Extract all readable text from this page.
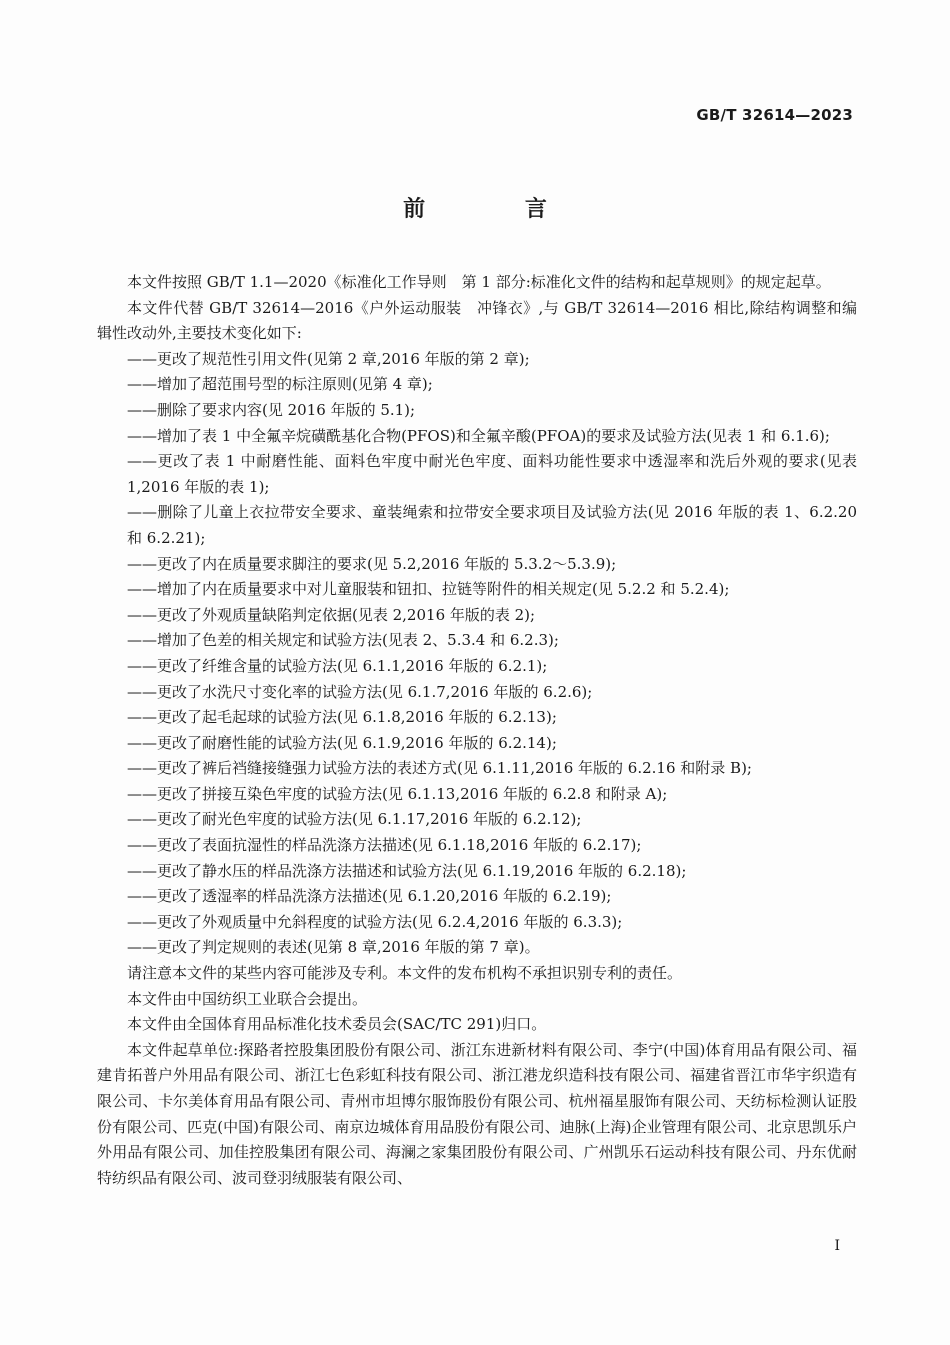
GB/T 32614—2023
前 言

本文件按照 GB/T 1.1—2020《标准化工作导则　第 1 部分:标准化文件的结构和起草规则》的规定起草。

本文件代替 GB/T 32614—2016《户外运动服装　冲锋衣》,与 GB/T 32614—2016 相比,除结构调整和编辑性改动外,主要技术变化如下:

——更改了规范性引用文件(见第 2 章,2016 年版的第 2 章);

——增加了超范围号型的标注原则(见第 4 章);

——删除了要求内容(见 2016 年版的 5.1);

——增加了表 1 中全氟辛烷磺酰基化合物(PFOS)和全氟辛酸(PFOA)的要求及试验方法(见表 1 和 6.1.6);

——更改了表 1 中耐磨性能、面料色牢度中耐光色牢度、面料功能性要求中透湿率和洗后外观的要求(见表 1,2016 年版的表 1);

——删除了儿童上衣拉带安全要求、童装绳索和拉带安全要求项目及试验方法(见 2016 年版的表 1、6.2.20 和 6.2.21);

——更改了内在质量要求脚注的要求(见 5.2,2016 年版的 5.3.2～5.3.9);

——增加了内在质量要求中对儿童服装和钮扣、拉链等附件的相关规定(见 5.2.2 和 5.2.4);

——更改了外观质量缺陷判定依据(见表 2,2016 年版的表 2);

——增加了色差的相关规定和试验方法(见表 2、5.3.4 和 6.2.3);

——更改了纤维含量的试验方法(见 6.1.1,2016 年版的 6.2.1);

——更改了水洗尺寸变化率的试验方法(见 6.1.7,2016 年版的 6.2.6);

——更改了起毛起球的试验方法(见 6.1.8,2016 年版的 6.2.13);

——更改了耐磨性能的试验方法(见 6.1.9,2016 年版的 6.2.14);

——更改了裤后裆缝接缝强力试验方法的表述方式(见 6.1.11,2016 年版的 6.2.16 和附录 B);

——更改了拼接互染色牢度的试验方法(见 6.1.13,2016 年版的 6.2.8 和附录 A);

——更改了耐光色牢度的试验方法(见 6.1.17,2016 年版的 6.2.12);

——更改了表面抗湿性的样品洗涤方法描述(见 6.1.18,2016 年版的 6.2.17);

——更改了静水压的样品洗涤方法描述和试验方法(见 6.1.19,2016 年版的 6.2.18);

——更改了透湿率的样品洗涤方法描述(见 6.1.20,2016 年版的 6.2.19);

——更改了外观质量中允斜程度的试验方法(见 6.2.4,2016 年版的 6.3.3);

——更改了判定规则的表述(见第 8 章,2016 年版的第 7 章)。

请注意本文件的某些内容可能涉及专利。本文件的发布机构不承担识别专利的责任。

本文件由中国纺织工业联合会提出。

本文件由全国体育用品标准化技术委员会(SAC/TC 291)归口。

本文件起草单位:探路者控股集团股份有限公司、浙江东进新材料有限公司、李宁(中国)体育用品有限公司、福建肯拓普户外用品有限公司、浙江七色彩虹科技有限公司、浙江港龙织造科技有限公司、福建省晋江市华宇织造有限公司、卡尔美体育用品有限公司、青州市坦博尔服饰股份有限公司、杭州福星服饰有限公司、天纺标检测认证股份有限公司、匹克(中国)有限公司、南京边城体育用品股份有限公司、迪脉(上海)企业管理有限公司、北京思凯乐户外用品有限公司、加佳控股集团有限公司、海澜之家集团股份有限公司、广州凯乐石运动科技有限公司、丹东优耐特纺织品有限公司、波司登羽绒服装有限公司、

I
